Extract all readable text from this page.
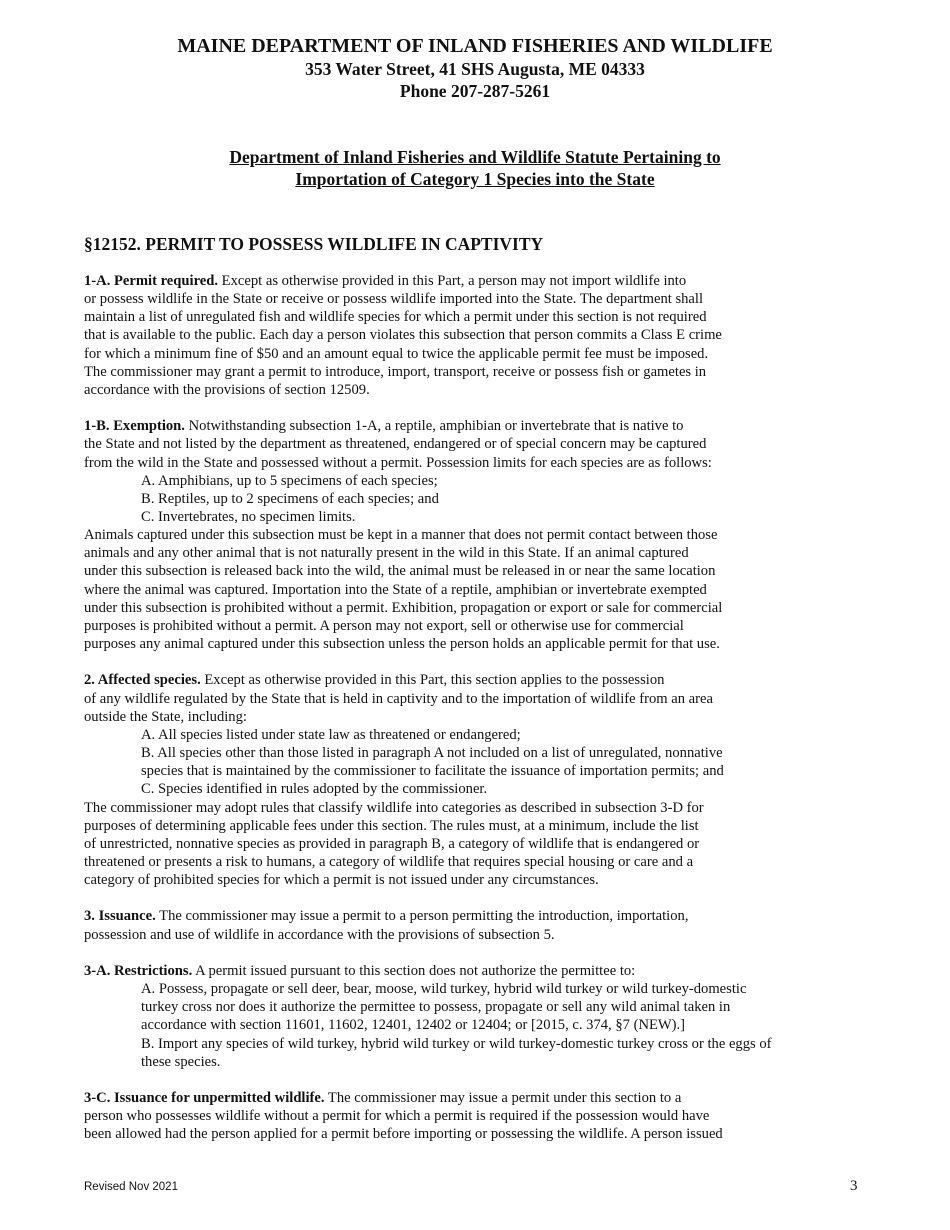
MAINE DEPARTMENT OF INLAND FISHERIES AND WILDLIFE
353 Water Street, 41 SHS Augusta, ME 04333
Phone 207-287-5261
Department of Inland Fisheries and Wildlife Statute Pertaining to
Importation of Category 1 Species into the State
§12152. PERMIT TO POSSESS WILDLIFE IN CAPTIVITY
1-A. Permit required. Except as otherwise provided in this Part, a person may not import wildlife into
or possess wildlife in the State or receive or possess wildlife imported into the State. The department shall
maintain a list of unregulated fish and wildlife species for which a permit under this section is not required
that is available to the public. Each day a person violates this subsection that person commits a Class E crime
for which a minimum fine of $50 and an amount equal to twice the applicable permit fee must be imposed.
The commissioner may grant a permit to introduce, import, transport, receive or possess fish or gametes in
accordance with the provisions of section 12509.
1-B. Exemption. Notwithstanding subsection 1-A, a reptile, amphibian or invertebrate that is native to
the State and not listed by the department as threatened, endangered or of special concern may be captured
from the wild in the State and possessed without a permit. Possession limits for each species are as follows:
A. Amphibians, up to 5 specimens of each species;
B. Reptiles, up to 2 specimens of each species; and
C. Invertebrates, no specimen limits.
Animals captured under this subsection must be kept in a manner that does not permit contact between those
animals and any other animal that is not naturally present in the wild in this State. If an animal captured
under this subsection is released back into the wild, the animal must be released in or near the same location
where the animal was captured. Importation into the State of a reptile, amphibian or invertebrate exempted
under this subsection is prohibited without a permit. Exhibition, propagation or export or sale for commercial
purposes is prohibited without a permit. A person may not export, sell or otherwise use for commercial
purposes any animal captured under this subsection unless the person holds an applicable permit for that use.
2. Affected species. Except as otherwise provided in this Part, this section applies to the possession
of any wildlife regulated by the State that is held in captivity and to the importation of wildlife from an area
outside the State, including:
A. All species listed under state law as threatened or endangered;
B. All species other than those listed in paragraph A not included on a list of unregulated, nonnative
species that is maintained by the commissioner to facilitate the issuance of importation permits; and
C. Species identified in rules adopted by the commissioner.
The commissioner may adopt rules that classify wildlife into categories as described in subsection 3-D for
purposes of determining applicable fees under this section. The rules must, at a minimum, include the list
of unrestricted, nonnative species as provided in paragraph B, a category of wildlife that is endangered or
threatened or presents a risk to humans, a category of wildlife that requires special housing or care and a
category of prohibited species for which a permit is not issued under any circumstances.
3. Issuance. The commissioner may issue a permit to a person permitting the introduction, importation,
possession and use of wildlife in accordance with the provisions of subsection 5.
3-A. Restrictions. A permit issued pursuant to this section does not authorize the permittee to:
A. Possess, propagate or sell deer, bear, moose, wild turkey, hybrid wild turkey or wild turkey-domestic
turkey cross nor does it authorize the permittee to possess, propagate or sell any wild animal taken in
accordance with section 11601, 11602, 12401, 12402 or 12404; or [2015, c. 374, §7 (NEW).]
B. Import any species of wild turkey, hybrid wild turkey or wild turkey-domestic turkey cross or the eggs of
these species.
3-C. Issuance for unpermitted wildlife. The commissioner may issue a permit under this section to a
person who possesses wildlife without a permit for which a permit is required if the possession would have
been allowed had the person applied for a permit before importing or possessing the wildlife. A person issued
Revised Nov 2021	3
